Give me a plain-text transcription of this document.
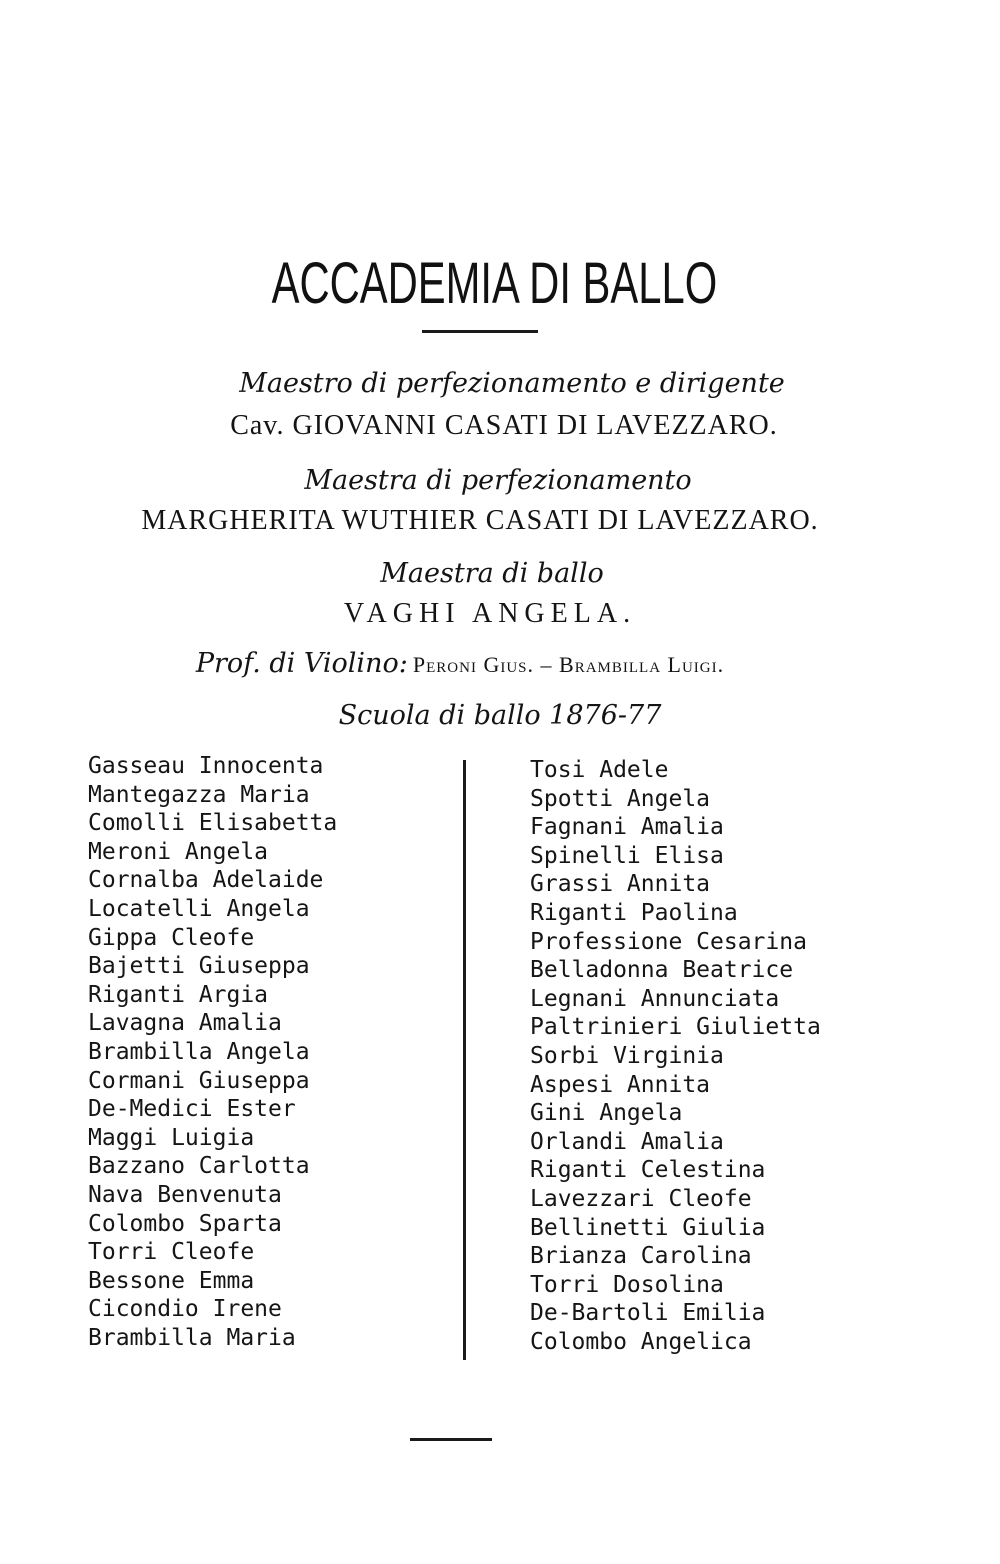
ACCADEMIA DI BALLO
Maestro di perfezionamento e dirigente
Cav. GIOVANNI CASATI DI LAVEZZARO.
Maestra di perfezionamento
MARGHERITA WUTHIER CASATI DI LAVEZZARO.
Maestra di ballo
VAGHI ANGELA.
Prof. di Violino: Peroni Gius. – Brambilla Luigi.
Scuola di ballo 1876-77
Gasseau Innocenta
Mantegazza Maria
Comolli Elisabetta
Meroni Angela
Cornalba Adelaide
Locatelli Angela
Gippa Cleofe
Bajetti Giuseppa
Riganti Argia
Lavagna Amalia
Brambilla Angela
Cormani Giuseppa
De-Medici Ester
Maggi Luigia
Bazzano Carlotta
Nava Benvenuta
Colombo Sparta
Torri Cleofe
Bessone Emma
Cicondio Irene
Brambilla Maria
Tosi Adele
Spotti Angela
Fagnani Amalia
Spinelli Elisa
Grassi Annita
Riganti Paolina
Professione Cesarina
Belladonna Beatrice
Legnani Annunciata
Paltrinieri Giulietta
Sorbi Virginia
Aspesi Annita
Gini Angela
Orlandi Amalia
Riganti Celestina
Lavezzari Cleofe
Bellinetti Giulia
Brianza Carolina
Torri Dosolina
De-Bartoli Emilia
Colombo Angelica
